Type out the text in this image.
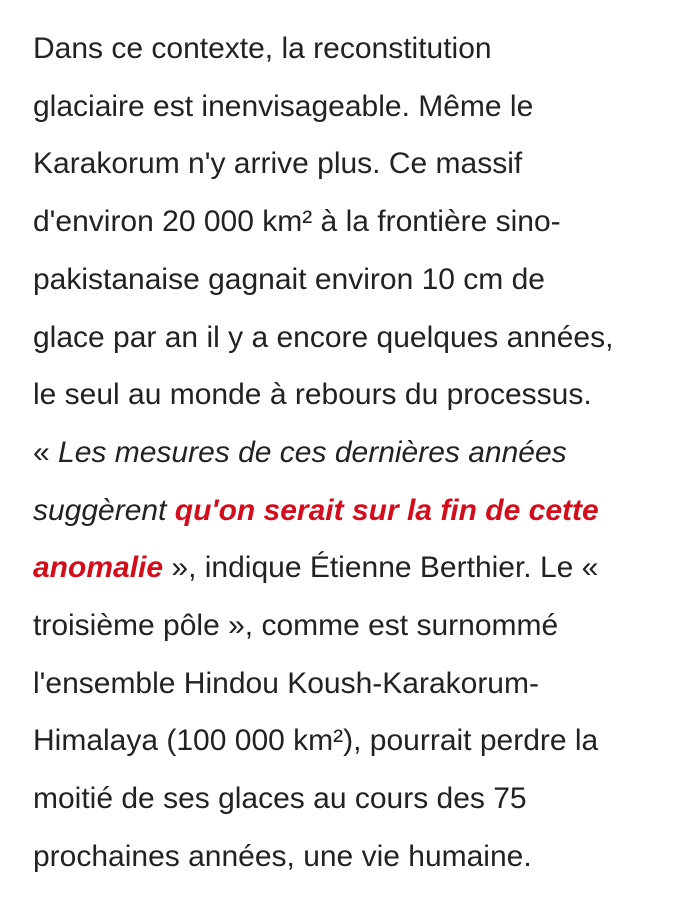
Dans ce contexte, la reconstitution
glaciaire est inenvisageable. Même le
Karakorum n'y arrive plus. Ce massif
d'environ 20 000 km² à la frontière sino-
pakistanaise gagnait environ 10 cm de
glace par an il y a encore quelques années,
le seul au monde à rebours du processus.
« Les mesures de ces dernières années
suggèrent qu'on serait sur la fin de cette
anomalie », indique Étienne Berthier. Le «
troisième pôle », comme est surnommé
l'ensemble Hindou Koush-Karakorum-
Himalaya (100 000 km²), pourrait perdre la
moitié de ses glaces au cours des 75
prochaines années, une vie humaine.
